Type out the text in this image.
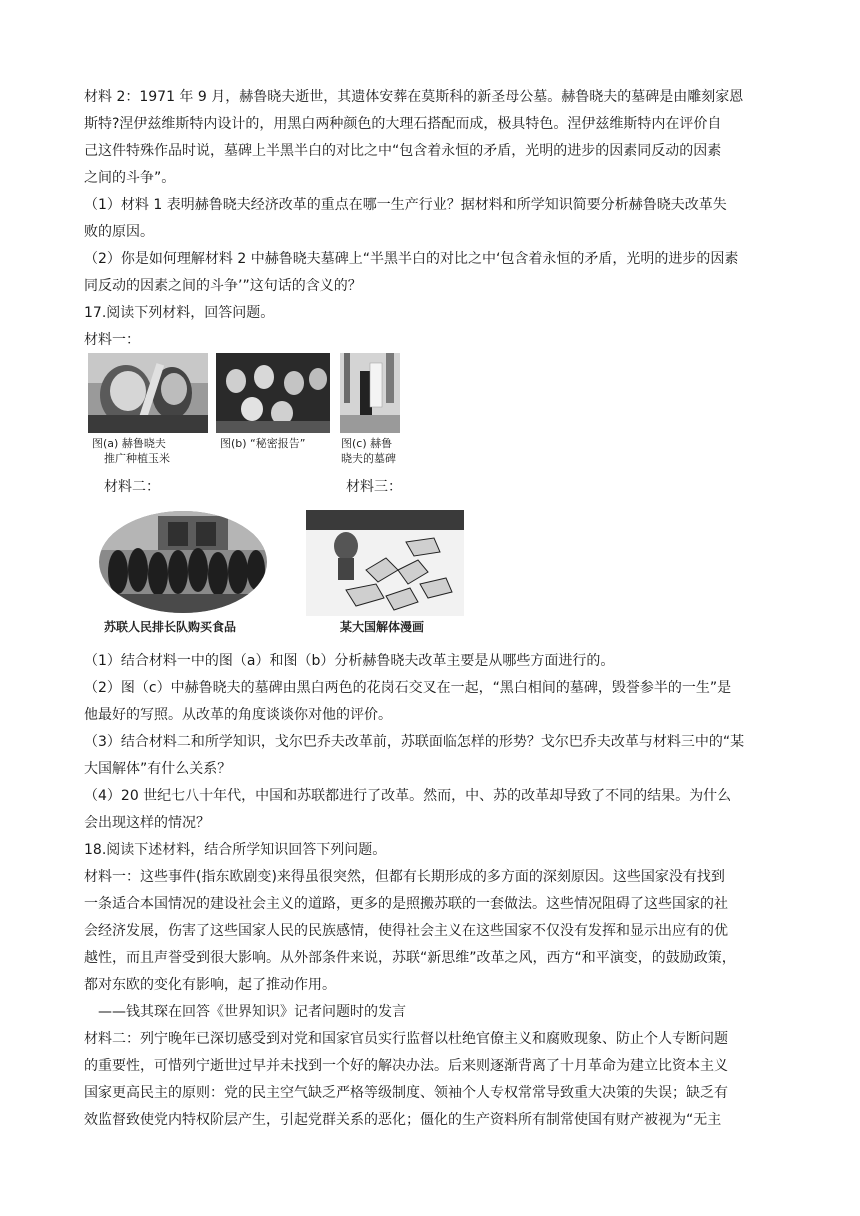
材料 2：1971 年 9 月，赫鲁晓夫逝世，其遗体安葬在莫斯科的新圣母公墓。赫鲁晓夫的墓碑是由雕刻家恩

斯特?涅伊兹维斯特内设计的，用黑白两种颜色的大理石搭配而成，极具特色。涅伊兹维斯特内在评价自

己这件特殊作品时说，墓碑上半黑半白的对比之中“包含着永恒的矛盾，光明的进步的因素同反动的因素

之间的斗争”。

（1）材料 1 表明赫鲁晓夫经济改革的重点在哪一生产行业？据材料和所学知识简要分析赫鲁晓夫改革失

败的原因。

（2）你是如何理解材料 2 中赫鲁晓夫墓碑上“半黑半白的对比之中‘包含着永恒的矛盾，光明的进步的因素

同反动的因素之间的斗争’”这句话的含义的？

17.阅读下列材料，回答问题。

材料一：

图(a) 赫鲁晓夫
推广种植玉米
图(b) “秘密报告”	图(c) 赫鲁
晓夫的墓碑
材料二：	材料三：
苏联人民排长队购买食品	某大国解体漫画

（1）结合材料一中的图（a）和图（b）分析赫鲁晓夫改革主要是从哪些方面进行的。

（2）图（c）中赫鲁晓夫的墓碑由黑白两色的花岗石交叉在一起，“黑白相间的墓碑，毁誉参半的一生”是

他最好的写照。从改革的角度谈谈你对他的评价。

（3）结合材料二和所学知识，戈尔巴乔夫改革前，苏联面临怎样的形势？戈尔巴乔夫改革与材料三中的“某

大国解体”有什么关系？

（4）20 世纪七八十年代，中国和苏联都进行了改革。然而，中、苏的改革却导致了不同的结果。为什么

会出现这样的情况？

18.阅读下述材料，结合所学知识回答下列问题。

材料一：这些事件(指东欧剧变)来得虽很突然，但都有长期形成的多方面的深刻原因。这些国家没有找到

一条适合本国情况的建设社会主义的道路，更多的是照搬苏联的一套做法。这些情况阻碍了这些国家的社

会经济发展，伤害了这些国家人民的民族感情，使得社会主义在这些国家不仅没有发挥和显示出应有的优

越性，而且声誉受到很大影响。从外部条件来说，苏联“新思维”改革之风，西方“和平演变，的鼓励政策，

都对东欧的变化有影响，起了推动作用。

——钱其琛在回答《世界知识》记者问题时的发言

材料二：列宁晚年已深切感受到对党和国家官员实行监督以杜绝官僚主义和腐败现象、防止个人专断问题

的重要性，可惜列宁逝世过早并未找到一个好的解决办法。后来则逐渐背离了十月革命为建立比资本主义

国家更高民主的原则：党的民主空气缺乏严格等级制度、领袖个人专权常常导致重大决策的失误；缺乏有

效监督致使党内特权阶层产生，引起党群关系的恶化；僵化的生产资料所有制常使国有财产被视为“无主
